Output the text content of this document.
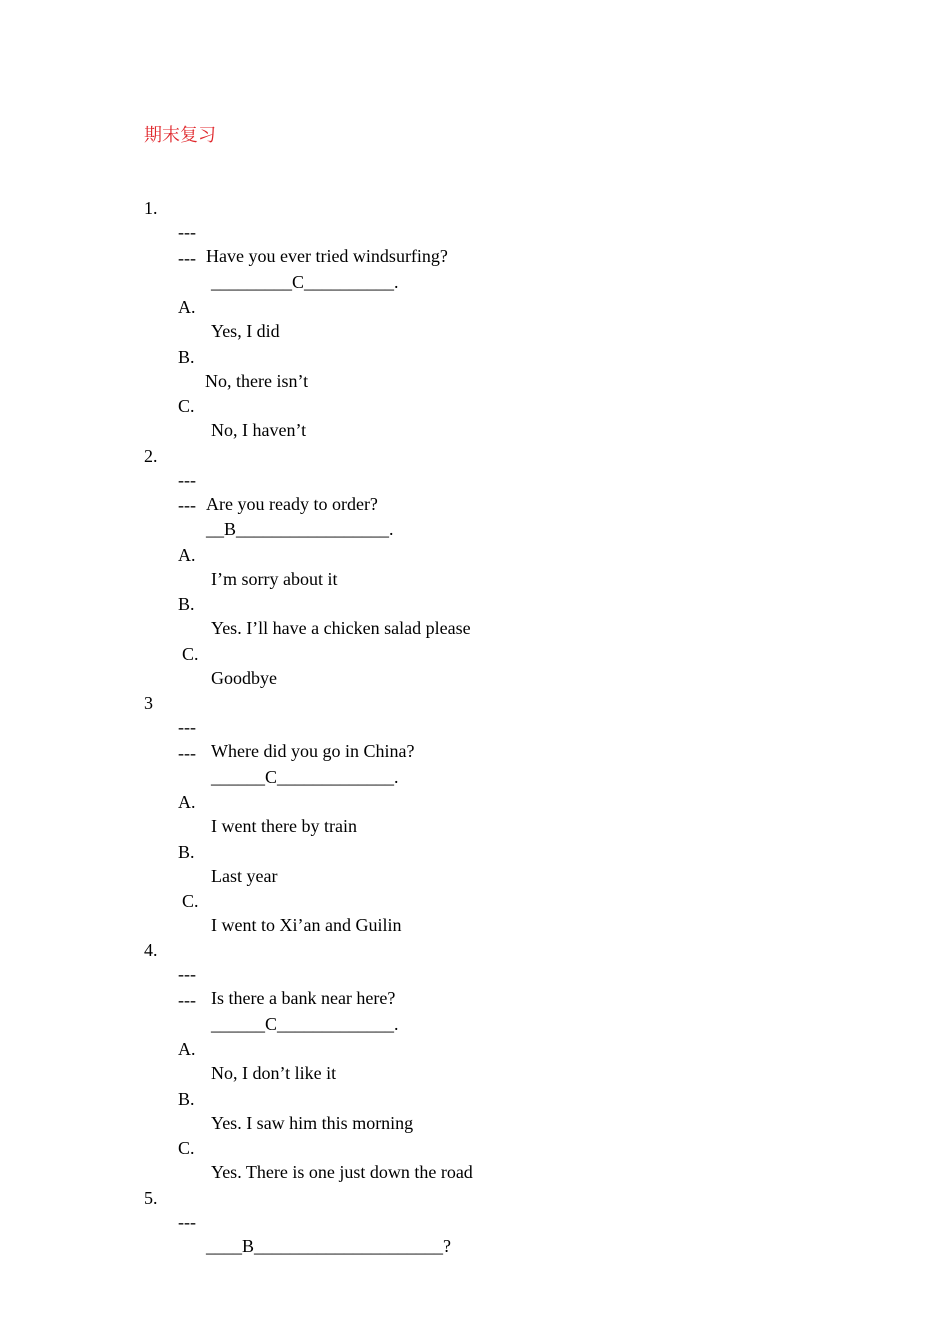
期末复习

1.

---

Have you ever tried windsurfing?

---

_________C__________.

A.

Yes, I did

B.

No, there isn’t

C.

No, I haven’t

2.

---

Are you ready to order?

---

__B_________________.

A.

I’m sorry about it

B.

Yes. I’ll have a chicken salad please

C.

Goodbye

3

---

Where did you go in China?

---

______C_____________.

A.

I went there by train

B.

Last year

C.

I went to Xi’an and Guilin

4.

---

Is there a bank near here?

---

______C_____________.

A.

No, I don’t like it

B.

Yes. I saw him this morning

C.

Yes. There is one just down the road

5.

---

____B_____________________?
